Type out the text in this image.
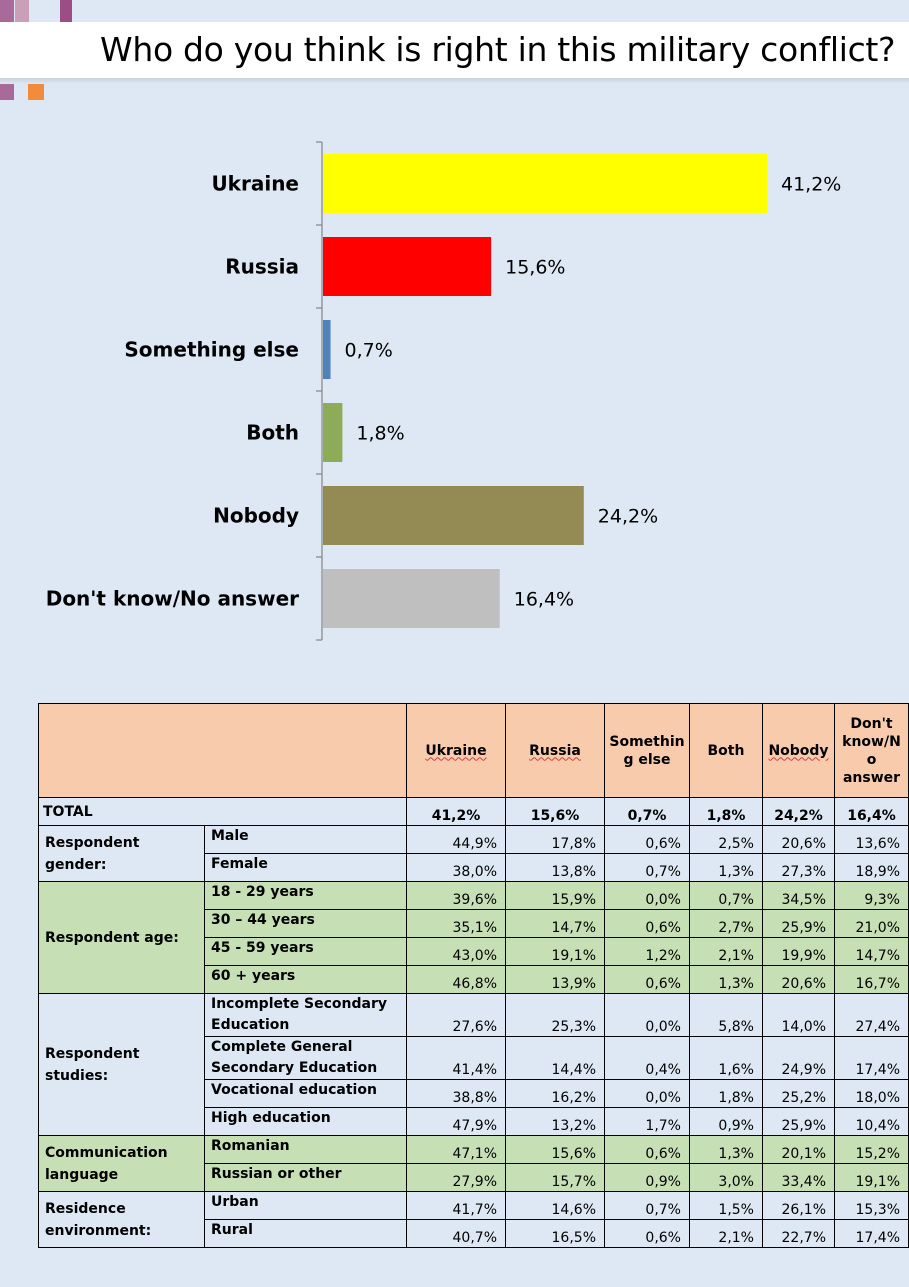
Who do you think is right in this military conflict?
Ukraine	41,2%
Russia	15,6%
Something else 0,7%
Both	1,8%
Nobody	24,2%
Don't know/No answer	16,4%
		Ukraine	Russia	Somethin g else	Both	Nobody	Don't know/N o answer
TOTAL		41,2%	15,6%	0,7%	1,8%	24,2%	16,4%
Respondent gender:	Male	44,9%	17,8%	0,6%	2,5%	20,6%	13,6%
	Female	38,0%	13,8%	0,7%	1,3%	27,3%	18,9%
Respondent age:	18 - 29 years	39,6%	15,9%	0,0%	0,7%	34,5%	9,3%
	30 – 44 years	35,1%	14,7%	0,6%	2,7%	25,9%	21,0%
	45 - 59 years	43,0%	19,1%	1,2%	2,1%	19,9%	14,7%
	60 + years	46,8%	13,9%	0,6%	1,3%	20,6%	16,7%
Respondent studies:	Incomplete Secondary Education	27,6%	25,3%	0,0%	5,8%	14,0%	27,4%
	Complete General Secondary Education	41,4%	14,4%	0,4%	1,6%	24,9%	17,4%
	Vocational education	38,8%	16,2%	0,0%	1,8%	25,2%	18,0%
	High education	47,9%	13,2%	1,7%	0,9%	25,9%	10,4%
Communication language	Romanian	47,1%	15,6%	0,6%	1,3%	20,1%	15,2%
	Russian or other	27,9%	15,7%	0,9%	3,0%	33,4%	19,1%
Residence environment:	Urban	41,7%	14,6%	0,7%	1,5%	26,1%	15,3%
	Rural	40,7%	16,5%	0,6%	2,1%	22,7%	17,4%
